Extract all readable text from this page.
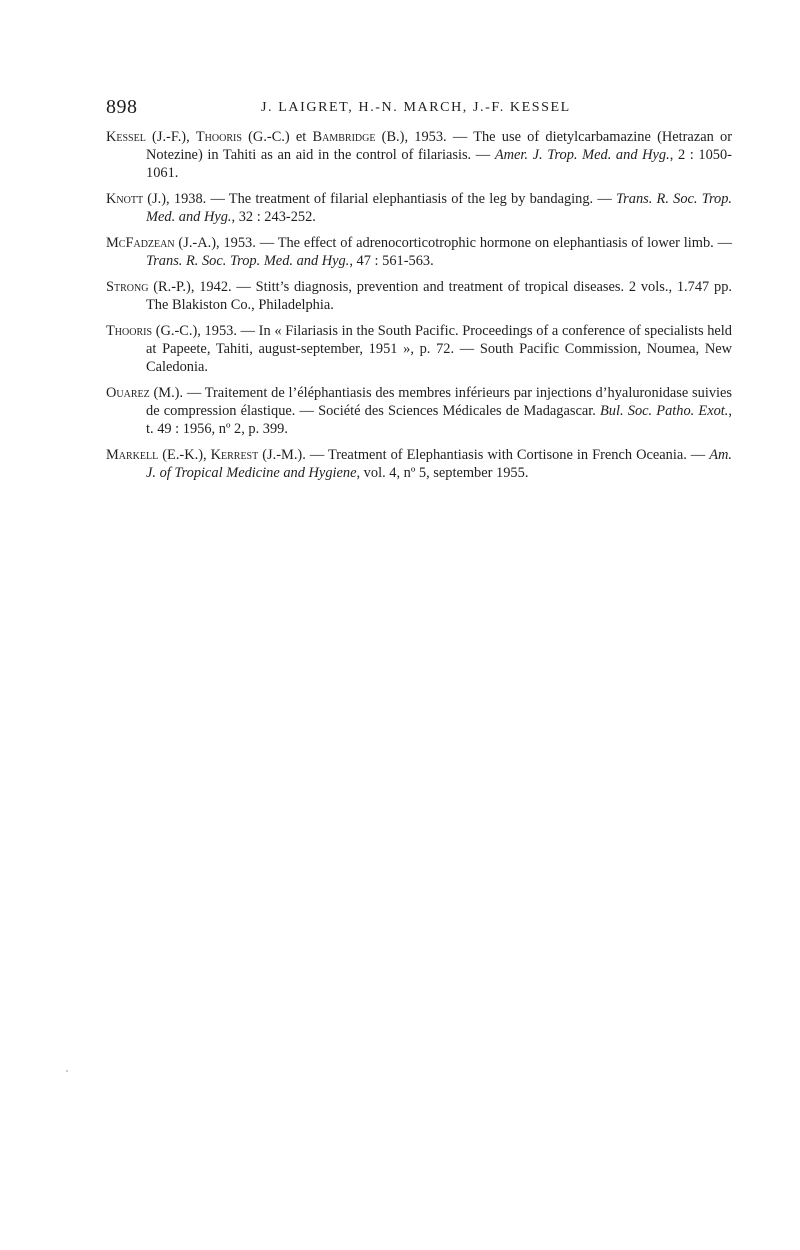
898	J. LAIGRET, H.-N. MARCH, J.-F. KESSEL

Kessel (J.-F.), Thooris (G.-C.) et Bambridge (B.), 1953. — The use of dietylcarbamazine (Hetrazan or Notezine) in Tahiti as an aid in the control of filariasis. — Amer. J. Trop. Med. and Hyg., 2 : 1050-1061.

Knott (J.), 1938. — The treatment of filarial elephantiasis of the leg by bandaging. — Trans. R. Soc. Trop. Med. and Hyg., 32 : 243-252.

McFadzean (J.-A.), 1953. — The effect of adrenocorticotrophic hormone on elephantiasis of lower limb. — Trans. R. Soc. Trop. Med. and Hyg., 47 : 561-563.

Strong (R.-P.), 1942. — Stitt’s diagnosis, prevention and treatment of tropical diseases. 2 vols., 1.747 pp. The Blakiston Co., Philadelphia.

Thooris (G.-C.), 1953. — In « Filariasis in the South Pacific. Proceedings of a conference of specialists held at Papeete, Tahiti, august-september, 1951 », p. 72. — South Pacific Commission, Noumea, New Caledonia.

Ouarez (M.). — Traitement de l’éléphantiasis des membres inférieurs par injections d’hyaluronidase suivies de compression élastique. — Société des Sciences Médicales de Madagascar. Bul. Soc. Patho. Exot., t. 49 : 1956, nº 2, p. 399.

Markell (E.-K.), Kerrest (J.-M.). — Treatment of Elephantiasis with Cortisone in French Oceania. — Am. J. of Tropical Medicine and Hygiene, vol. 4, nº 5, september 1955.
